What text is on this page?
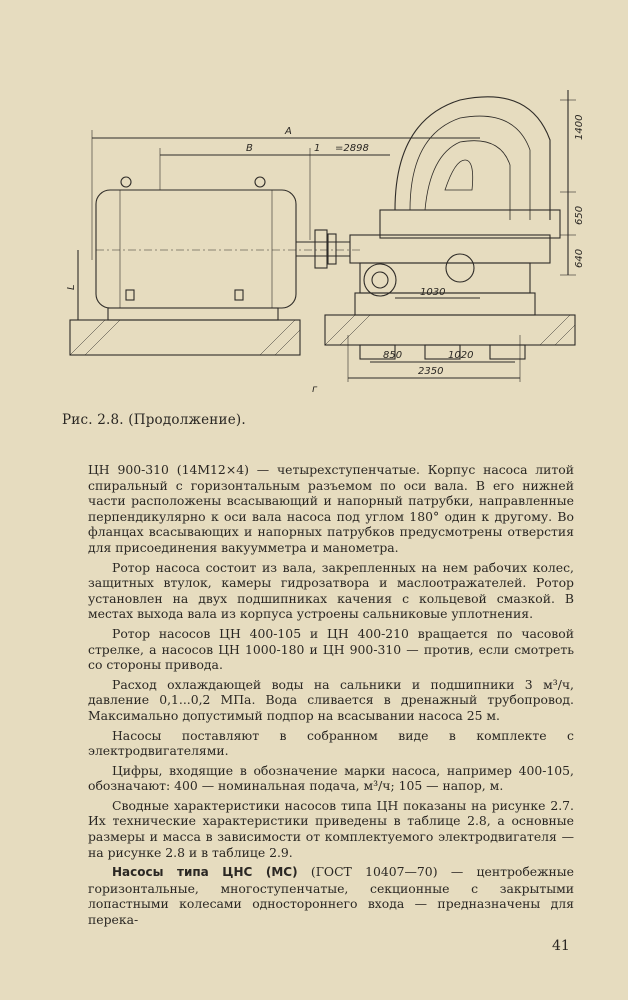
A
B	1 =2898
1400
650
640
L	1030
850	1020
2350
г
Рис. 2.8. (Продолжение).

ЦН 900-310 (14М12×4) — четырехступенчатые. Корпус насоса литой спиральный с горизонтальным разъемом по оси вала. В его нижней части расположены всасывающий и напорный патрубки, направленные перпендикулярно к оси вала насоса под углом 180° один к другому. Во фланцах всасывающих и напорных патрубков предусмотрены отверстия для присоединения вакуумметра и манометра.

Ротор насоса состоит из вала, закрепленных на нем рабочих колес, защитных втулок, камеры гидрозатвора и маслоотражателей. Ротор установлен на двух подшипниках качения с кольцевой смазкой. В местах выхода вала из корпуса устроены сальниковые уплотнения.

Ротор насосов ЦН 400-105 и ЦН 400-210 вращается по часовой стрелке, а насосов ЦН 1000-180 и ЦН 900-310 — против, если смотреть со стороны привода.

Расход охлаждающей воды на сальники и подшипники 3 м³/ч, давление 0,1...0,2 МПа. Вода сливается в дренажный трубопровод. Максимально допустимый подпор на всасывании насоса 25 м.

Насосы поставляют в собранном виде в комплекте с электродвигателями.

Цифры, входящие в обозначение марки насоса, например 400-105, обозначают: 400 — номинальная подача, м³/ч; 105 — напор, м.

Сводные характеристики насосов типа ЦН показаны на рисунке 2.7. Их технические характеристики приведены в таблице 2.8, а основные размеры и масса в зависимости от комплектуемого электродвигателя — на рисунке 2.8 и в таблице 2.9.

Насосы типа ЦНС (МС) (ГОСТ 10407—70) — центробежные горизонтальные, многоступенчатые, секционные с закрытыми лопастными колесами одностороннего входа — предназначены для перека-

41
